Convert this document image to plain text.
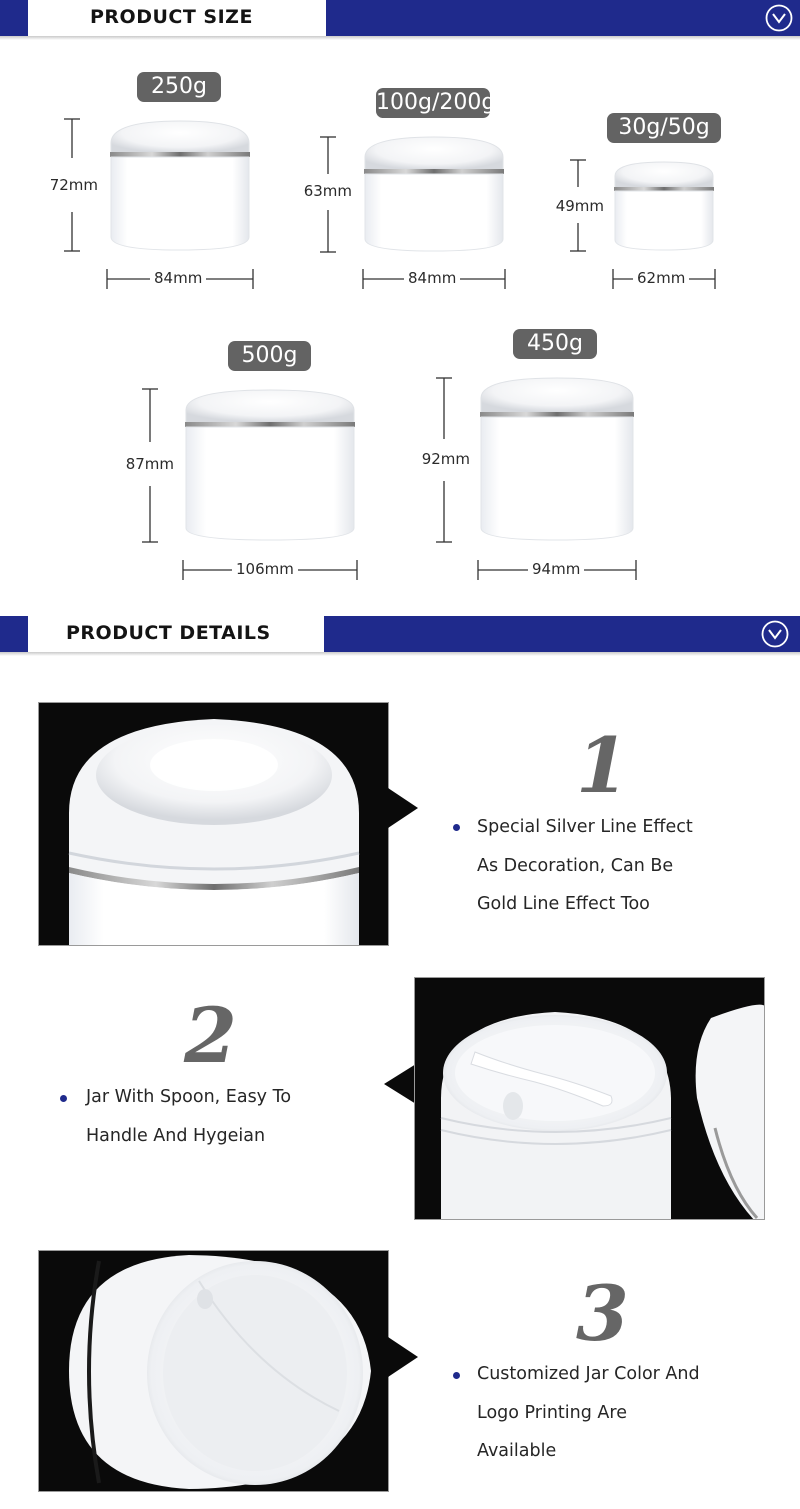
PRODUCT SIZE
250g
72mm
84mm
100g/200g
63mm
84mm
30g/50g
49mm
62mm
500g
87mm
106mm
450g
92mm
94mm
PRODUCT DETAILS
1
Special Silver Line Effect
As Decoration, Can Be
Gold Line Effect Too
2
Jar With Spoon, Easy To
Handle And Hygeian
3
Customized Jar Color And
Logo Printing Are
Available
